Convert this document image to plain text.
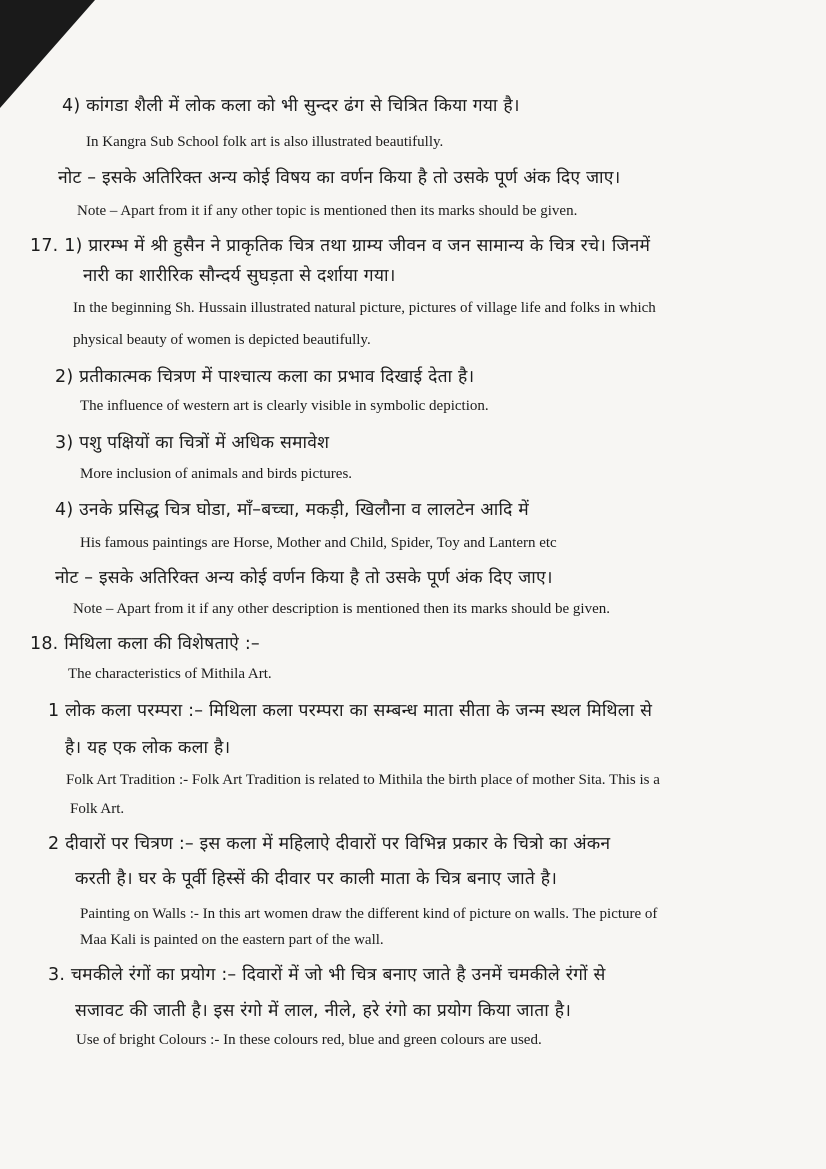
4) कांगडा शैली में लोक कला को भी सुन्दर ढंग से चित्रित किया गया है।
In Kangra Sub School folk art is also illustrated beautifully.
नोट – इसके अतिरिक्त अन्य कोई विषय का वर्णन किया है तो उसके पूर्ण अंक दिए जाए।
Note – Apart from it if any other topic is mentioned then its marks should be given.
17. 1) प्रारम्भ में श्री हुसैन ने प्राकृतिक चित्र तथा ग्राम्य जीवन व जन सामान्य के चित्र रचे। जिनमें
नारी का शारीरिक सौन्दर्य सुघड़ता से दर्शाया गया।
In the beginning Sh. Hussain illustrated natural picture, pictures of village life and folks in which
physical beauty of women is depicted beautifully.
2) प्रतीकात्मक चित्रण में पाश्चात्य कला का प्रभाव दिखाई देता है।
The influence of western art is clearly visible in symbolic depiction.
3) पशु पक्षियों का चित्रों में अधिक समावेश
More inclusion of animals and birds pictures.
4) उनके प्रसिद्ध चित्र घोडा, माँ–बच्चा, मकड़ी, खिलौना व लालटेन आदि में
His famous paintings are Horse, Mother and Child, Spider, Toy and Lantern etc
नोट – इसके अतिरिक्त अन्य कोई वर्णन किया है तो उसके पूर्ण अंक दिए जाए।
Note – Apart from it if any other description is mentioned then its marks should be given.
18. मिथिला कला की विशेषताऐ :–
The characteristics of Mithila Art.
1 लोक कला परम्परा :– मिथिला कला परम्परा का सम्बन्ध माता सीता के जन्म स्थल मिथिला से
है। यह एक लोक कला है।
Folk Art Tradition :- Folk Art Tradition is related to Mithila the birth place of mother Sita. This is a
Folk Art.
2 दीवारों पर चित्रण :– इस कला में महिलाऐ दीवारों पर विभिन्न प्रकार के चित्रो का अंकन
करती है। घर के पूर्वी हिस्सें की दीवार पर काली माता के चित्र बनाए जाते है।
Painting on Walls :- In this art women draw the different kind of picture on walls. The picture of
Maa Kali is painted on the eastern part of the wall.
3. चमकीले रंगों का प्रयोग :– दिवारों में जो भी चित्र बनाए जाते है उनमें चमकीले रंगों से
सजावट की जाती है। इस रंगो में लाल, नीले, हरे रंगो का प्रयोग किया जाता है।
Use of bright Colours :- In these colours red, blue and green colours are used.
